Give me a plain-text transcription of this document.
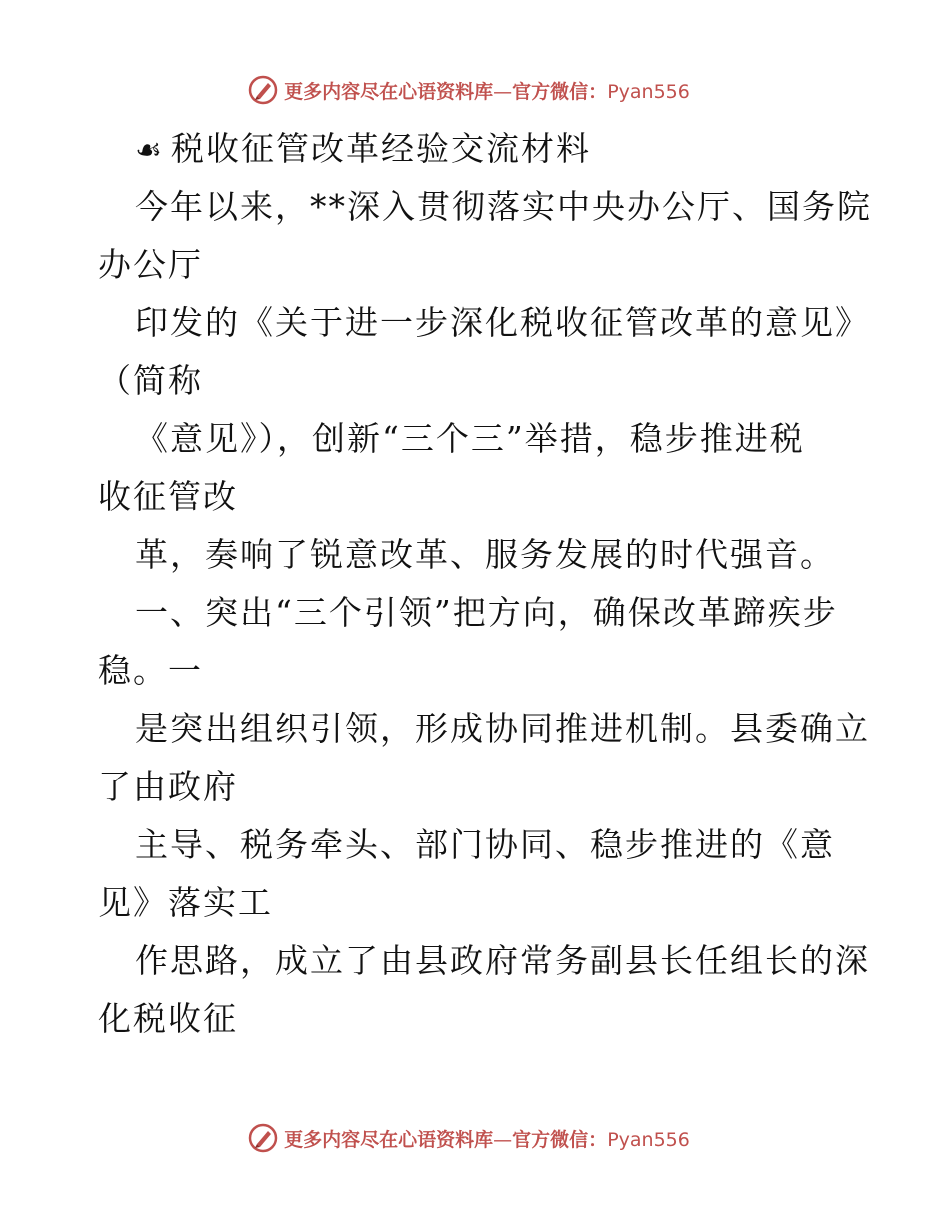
更多内容尽在心语资料库—官方微信：Pyan556
☙ 税收征管改革经验交流材料
今年以来，**深入贯彻落实中央办公厅、国务院
办公厅
印发的《关于进一步深化税收征管改革的意见》
（简称
《意见》），创新“三个三”举措，稳步推进税
收征管改
革，奏响了锐意改革、服务发展的时代强音。
一、突出“三个引领”把方向，确保改革蹄疾步
稳。一
是突出组织引领，形成协同推进机制。县委确立
了由政府
主导、税务牵头、部门协同、稳步推进的《意
见》落实工
作思路，成立了由县政府常务副县长任组长的深
化税收征
更多内容尽在心语资料库—官方微信：Pyan556
